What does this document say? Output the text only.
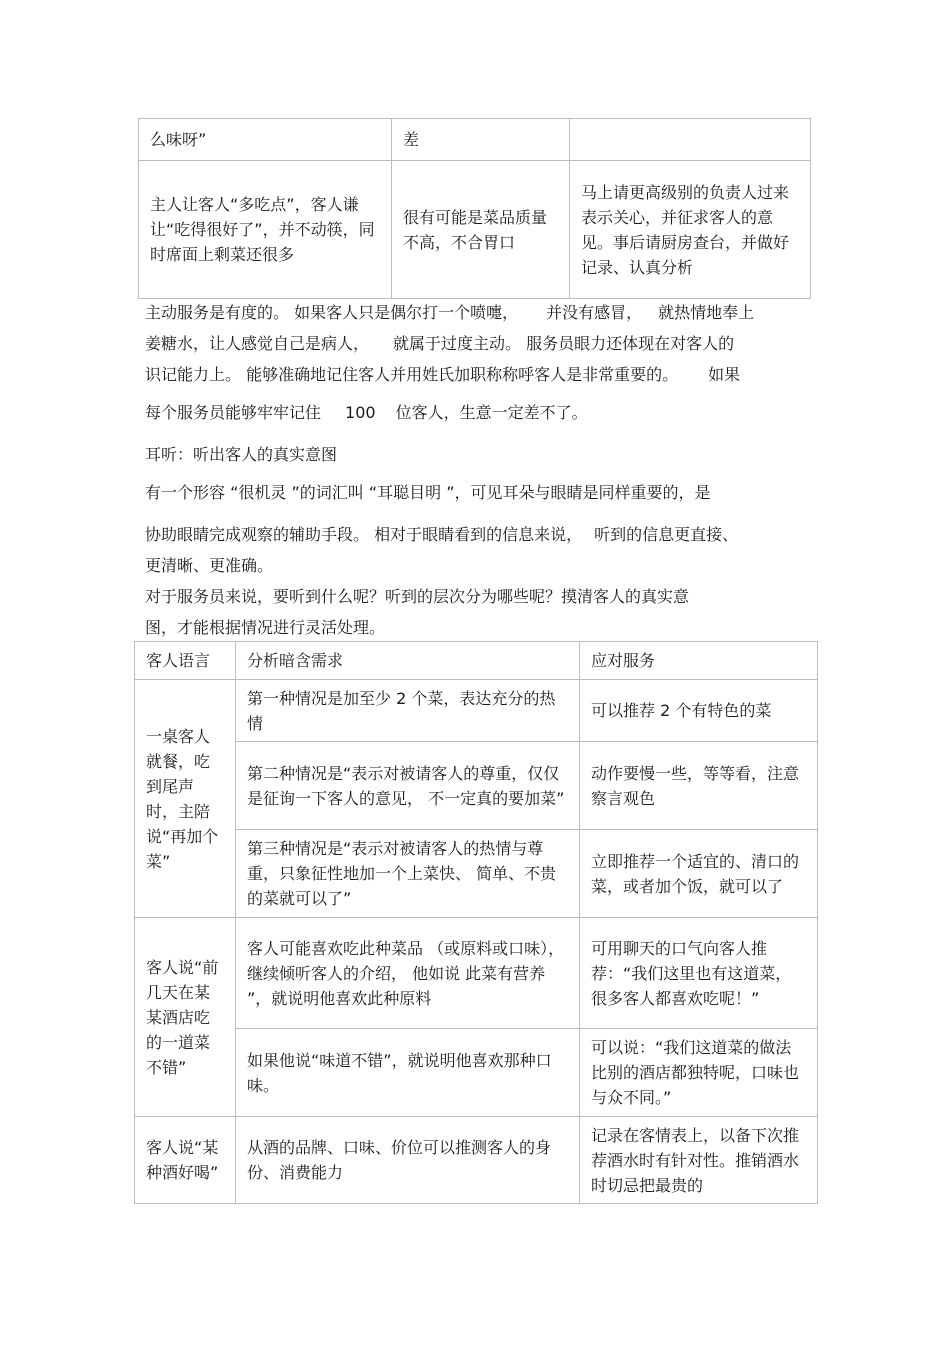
么味呀”	差	
主人让客人“多吃点”，客人谦让“吃得很好了”，并不动筷，同时席面上剩菜还很多	很有可能是菜品质量不高，不合胃口	马上请更高级别的负责人过来表示关心，并征求客人的意见。事后请厨房查台，并做好记录、认真分析

主动服务是有度的。 如果客人只是偶尔打一个喷嚏， 并没有感冒， 就热情地奉上

姜糖水，让人感觉自己是病人， 就属于过度主动。 服务员眼力还体现在对客人的

识记能力上。 能够准确地记住客人并用姓氏加职称称呼客人是非常重要的。 如果

每个服务员能够牢牢记住 100 位客人，生意一定差不了。

耳听：听出客人的真实意图

有一个形容 “很机灵 ”的词汇叫 “耳聪目明 ”，可见耳朵与眼睛是同样重要的，是

协助眼睛完成观察的辅助手段。 相对于眼睛看到的信息来说， 听到的信息更直接、

更清晰、更准确。

对于服务员来说，要听到什么呢？听到的层次分为哪些呢？摸清客人的真实意

图，才能根据情况进行灵活处理。

客人语言	分析暗含需求	应对服务
一桌客人就餐，吃到尾声时，主陪说“再加个菜”	第一种情况是加至少 2 个菜，表达充分的热情	可以推荐 2 个有特色的菜
	第二种情况是“表示对被请客人的尊重，仅仅是征询一下客人的意见， 不一定真的要加菜”	动作要慢一些，等等看，注意察言观色
	第三种情况是“表示对被请客人的热情与尊重，只象征性地加一个上菜快、 简单、不贵的菜就可以了”	立即推荐一个适宜的、清口的菜，或者加个饭，就可以了
客人说“前几天在某某酒店吃的一道菜不错”	客人可能喜欢吃此种菜品 （或原料或口味），继续倾听客人的介绍， 他如说 此菜有营养 ”，就说明他喜欢此种原料	可用聊天的口气向客人推荐：“我们这里也有这道菜，很多客人都喜欢吃呢！”
	如果他说“味道不错”，就说明他喜欢那种口味。	可以说：“我们这道菜的做法比别的酒店都独特呢，口味也与众不同。”
客人说“某种酒好喝”	从酒的品牌、口味、价位可以推测客人的身份、消费能力	记录在客情表上，以备下次推荐酒水时有针对性。推销酒水时切忌把最贵的
